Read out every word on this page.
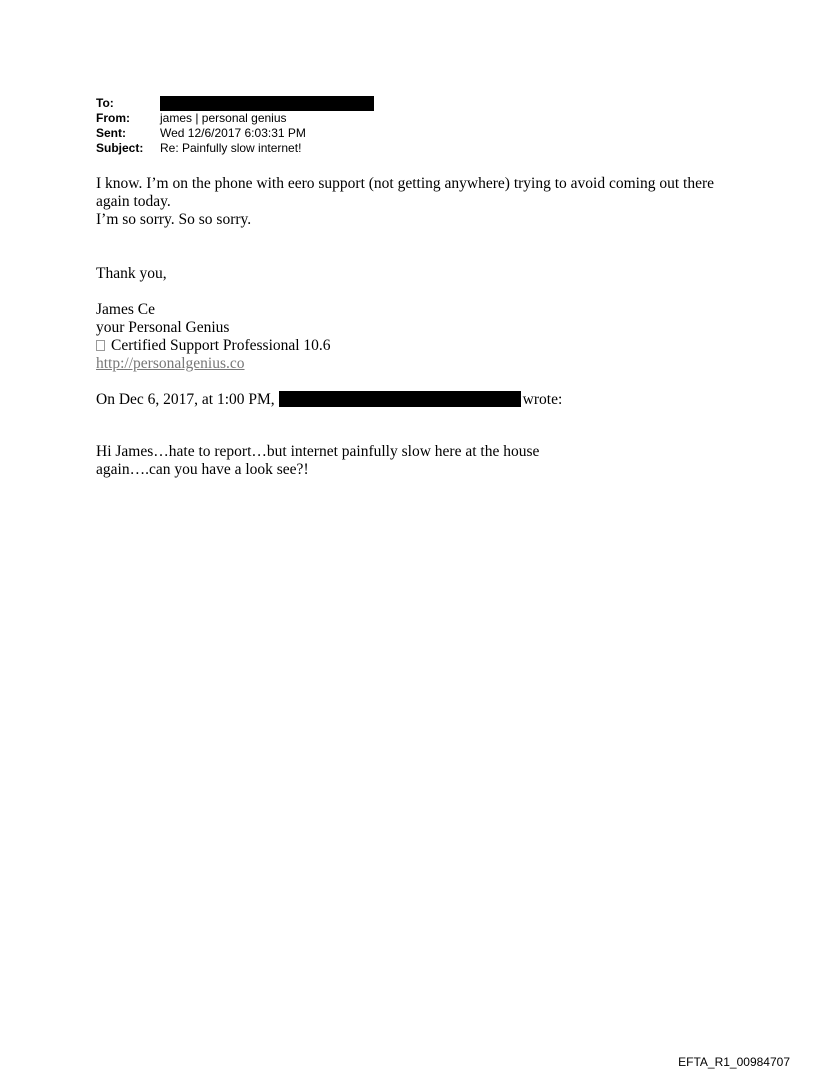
To:
From:	james | personal genius
Sent:	Wed 12/6/2017 6:03:31 PM
Subject:	Re: Painfully slow internet!

I know. I’m on the phone with eero support (not getting anywhere) trying to avoid coming out there again today.

I’m so sorry. So so sorry.

Thank you,

James Ce

your Personal Genius

Certified Support Professional 10.6

http://personalgenius.co

On Dec 6, 2017, at 1:00 PM,	wrote:

Hi James…hate to report…but internet painfully slow here at the house again….can you have a look see?!

EFTA_R1_00984707
